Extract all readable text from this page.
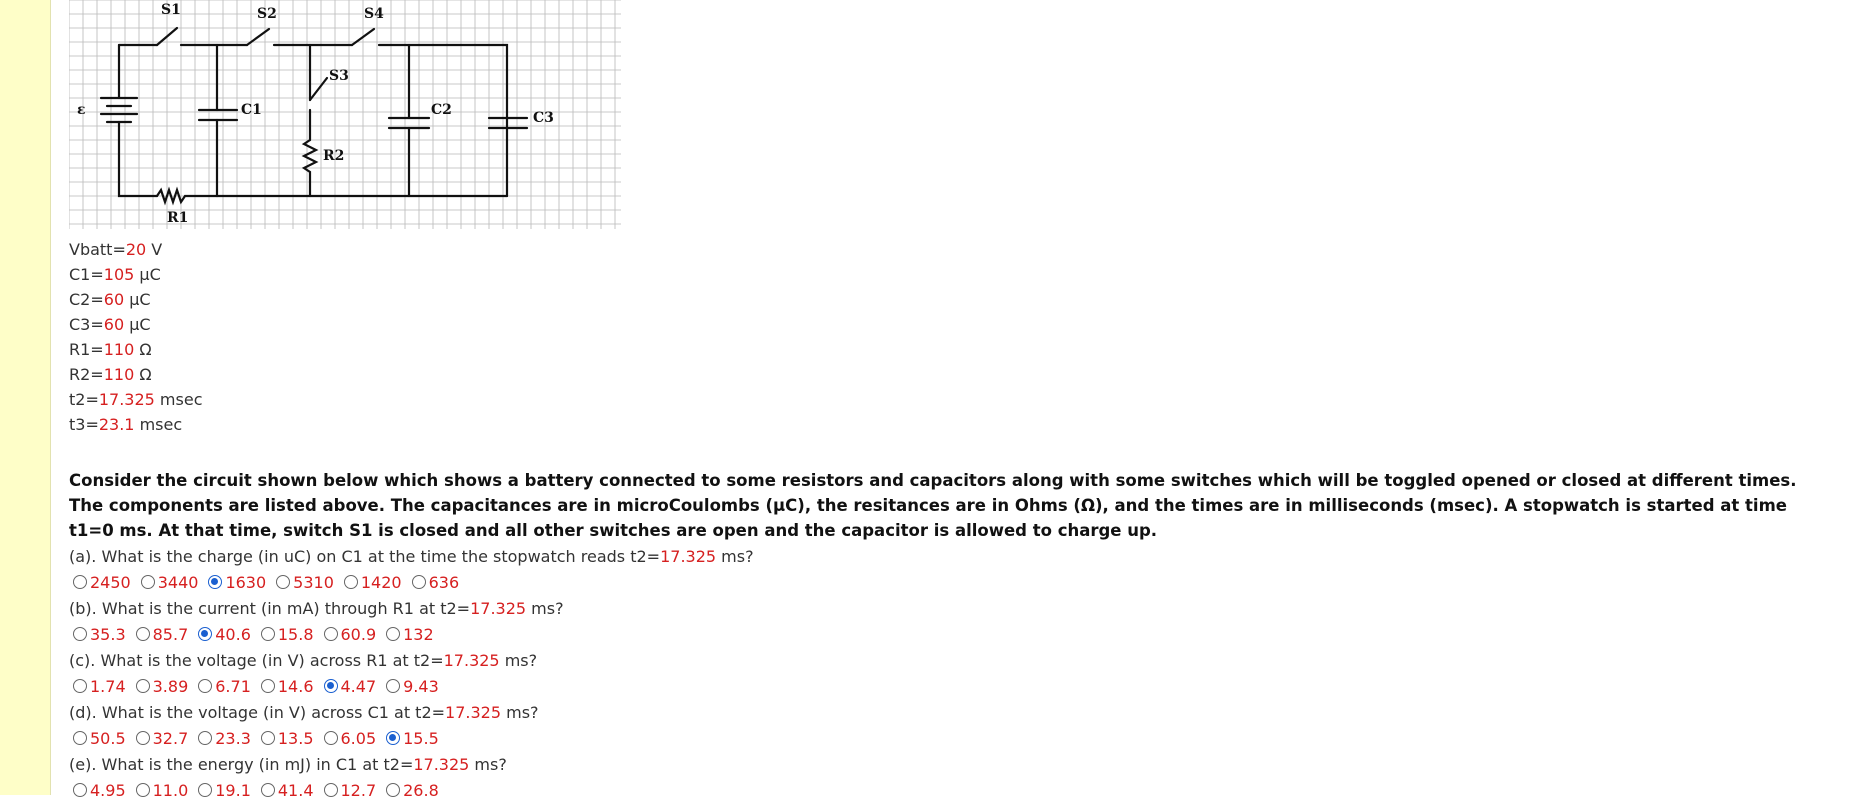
S1	S2
S3
S4
ε	C1	C2	C3
R1
R2
Vbatt=20 V
C1=105 μC
C2=60 μC
C3=60 μC
R1=110 Ω
R2=110 Ω
t2=17.325 msec
t3=23.1 msec
Consider the circuit shown below which shows a battery connected to some resistors and capacitors along with some switches which will be toggled opened or closed at different times. The components are listed above. The capacitances are in microCoulombs (μC), the resitances are in Ohms (Ω), and the times are in milliseconds (msec). A stopwatch is started at time t1=0 ms. At that time, switch S1 is closed and all other switches are open and the capacitor is allowed to charge up.
(a). What is the charge (in uC) on C1 at the time the stopwatch reads t2=17.325 ms?
2450 3440 1630 5310 1420 636
(b). What is the current (in mA) through R1 at t2=17.325 ms?
35.3 85.7 40.6 15.8 60.9 132
(c). What is the voltage (in V) across R1 at t2=17.325 ms?
1.74 3.89 6.71 14.6 4.47 9.43
(d). What is the voltage (in V) across C1 at t2=17.325 ms?
50.5 32.7 23.3 13.5 6.05 15.5
(e). What is the energy (in mJ) in C1 at t2=17.325 ms?
4.95 11.0 19.1 41.4 12.7 26.8
